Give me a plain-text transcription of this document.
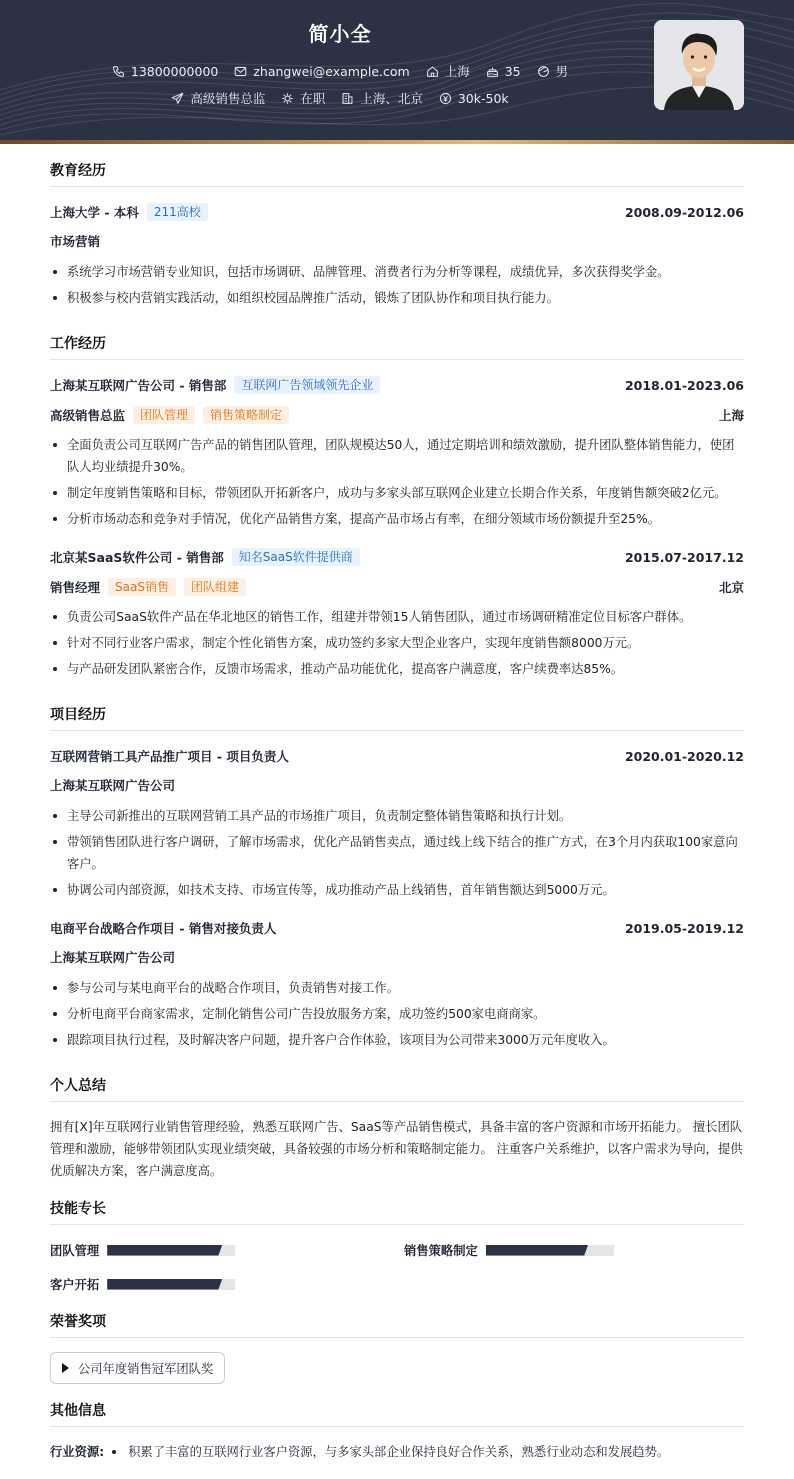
简小全
13800000000
	zhangwei@example.com
	上海
	35
	男
高级销售总监
	在职
	上海、北京
	30k-50k
教育经历
上海大学 - 本科	211高校	2008.09-2012.06
市场营销
系统学习市场营销专业知识，包括市场调研、品牌管理、消费者行为分析等课程，成绩优异，多次获得奖学金。
积极参与校内营销实践活动，如组织校园品牌推广活动，锻炼了团队协作和项目执行能力。
工作经历
上海某互联网广告公司 - 销售部	互联网广告领域领先企业	2018.01-2023.06
高级销售总监	团队管理	销售策略制定	上海
全面负责公司互联网广告产品的销售团队管理，团队规模达50人，通过定期培训和绩效激励，提升团队整体销售能力，使团队人均业绩提升30%。
制定年度销售策略和目标，带领团队开拓新客户，成功与多家头部互联网企业建立长期合作关系，年度销售额突破2亿元。
分析市场动态和竞争对手情况，优化产品销售方案，提高产品市场占有率，在细分领域市场份额提升至25%。
北京某SaaS软件公司 - 销售部	知名SaaS软件提供商	2015.07-2017.12
销售经理	SaaS销售	团队组建	北京
负责公司SaaS软件产品在华北地区的销售工作，组建并带领15人销售团队，通过市场调研精准定位目标客户群体。
针对不同行业客户需求，制定个性化销售方案，成功签约多家大型企业客户，实现年度销售额8000万元。
与产品研发团队紧密合作，反馈市场需求，推动产品功能优化，提高客户满意度，客户续费率达85%。
项目经历
互联网营销工具产品推广项目 - 项目负责人	2020.01-2020.12
上海某互联网广告公司
主导公司新推出的互联网营销工具产品的市场推广项目，负责制定整体销售策略和执行计划。
带领销售团队进行客户调研，了解市场需求，优化产品销售卖点，通过线上线下结合的推广方式，在3个月内获取100家意向客户。
协调公司内部资源，如技术支持、市场宣传等，成功推动产品上线销售，首年销售额达到5000万元。
电商平台战略合作项目 - 销售对接负责人	2019.05-2019.12
上海某互联网广告公司
参与公司与某电商平台的战略合作项目，负责销售对接工作。
分析电商平台商家需求，定制化销售公司广告投放服务方案，成功签约500家电商商家。
跟踪项目执行过程，及时解决客户问题，提升客户合作体验，该项目为公司带来3000万元年度收入。
个人总结
拥有[X]年互联网行业销售管理经验，熟悉互联网广告、SaaS等产品销售模式，具备丰富的客户资源和市场开拓能力。 擅长团队管理和激励，能够带领团队实现业绩突破，具备较强的市场分析和策略制定能力。 注重客户关系维护，以客户需求为导向，提供优质解决方案，客户满意度高。
技能专长
团队管理	销售策略制定
客户开拓
荣誉奖项
公司年度销售冠军团队奖
其他信息
行业资源: 积累了丰富的互联网行业客户资源，与多家头部企业保持良好合作关系，熟悉行业动态和发展趋势。
